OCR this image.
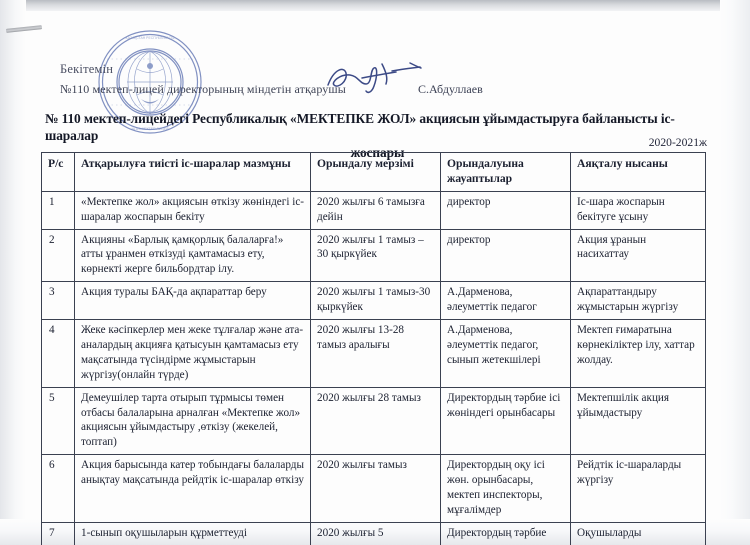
•ҚАЗАҚСТАН РЕСПУБЛИКАСЫ•
•№110 МЕКТЕП-ЛИЦЕЙ•
Бекітемін
№110 мектеп-лицей директорының міндетін атқарушы	С.Абдуллаев
№ 110 мектеп-лицейдегі Республикалық «МЕКТЕПКЕ ЖОЛ» акциясын ұйымдастыруға байланысты іс-шаралар
жоспары
2020-2021ж
Р/с	Атқарылуға тиісті іс-шаралар мазмұны	Орындалу мерзімі	Орындалуына жауаптылар	Аяқталу нысаны
1	«Мектепке жол» акциясын өткізу жөніндегі іс-шаралар жоспарын бекіту	2020 жылғы 6 тамызға дейін	директор	Іс-шара жоспарын бекітуге ұсыну
2	Акцияны «Барлық қамқорлық балаларға!» атты ұранмен өткізуді қамтамасыз ету, көрнекті жерге бильбордтар ілу.	2020 жылғы 1 тамыз – 30 қыркүйек	директор	Акция ұранын насихаттау
3	Акция туралы БАҚ-да ақпараттар беру	2020 жылғы 1 тамыз-30 қыркүйек	А.Дарменова, әлеуметтік педагог	Ақпараттандыру жұмыстарын жүргізу
4	Жеке кәсіпкерлер мен жеке тұлғалар және ата-аналардың акцияға қатысуын қамтамасыз ету мақсатында түсіндірме жұмыстарын жүргізу(онлайн түрде)	2020 жылғы 13-28 тамыз аралығы	А.Дарменова, әлеуметтік педагог, сынып жетекшілері	Мектеп ғимаратына көрнекіліктер ілу, хаттар жолдау.
5	Демеушілер тарта отырып тұрмысы төмен отбасы балаларына арналған «Мектепке жол» акциясын ұйымдастыру ,өткізу (жекелей, топтап)	2020 жылғы 28 тамыз	Директордың тәрбие ісі жөніндегі орынбасары	Мектепшілік акция ұйымдастыру
6	Акция барысында катер тобындағы балаларды анықтау мақсатында рейдтік іс-шаралар өткізу	2020 жылғы тамыз	Директордың оқу ісі жөн. орынбасары, мектеп инспекторы, мұғалімдер	Рейдтік іс-шараларды жүргізу
7	1-сынып оқушыларын құрметтеуді	2020 жылғы 5	Директордың тәрбие	Оқушыларды
